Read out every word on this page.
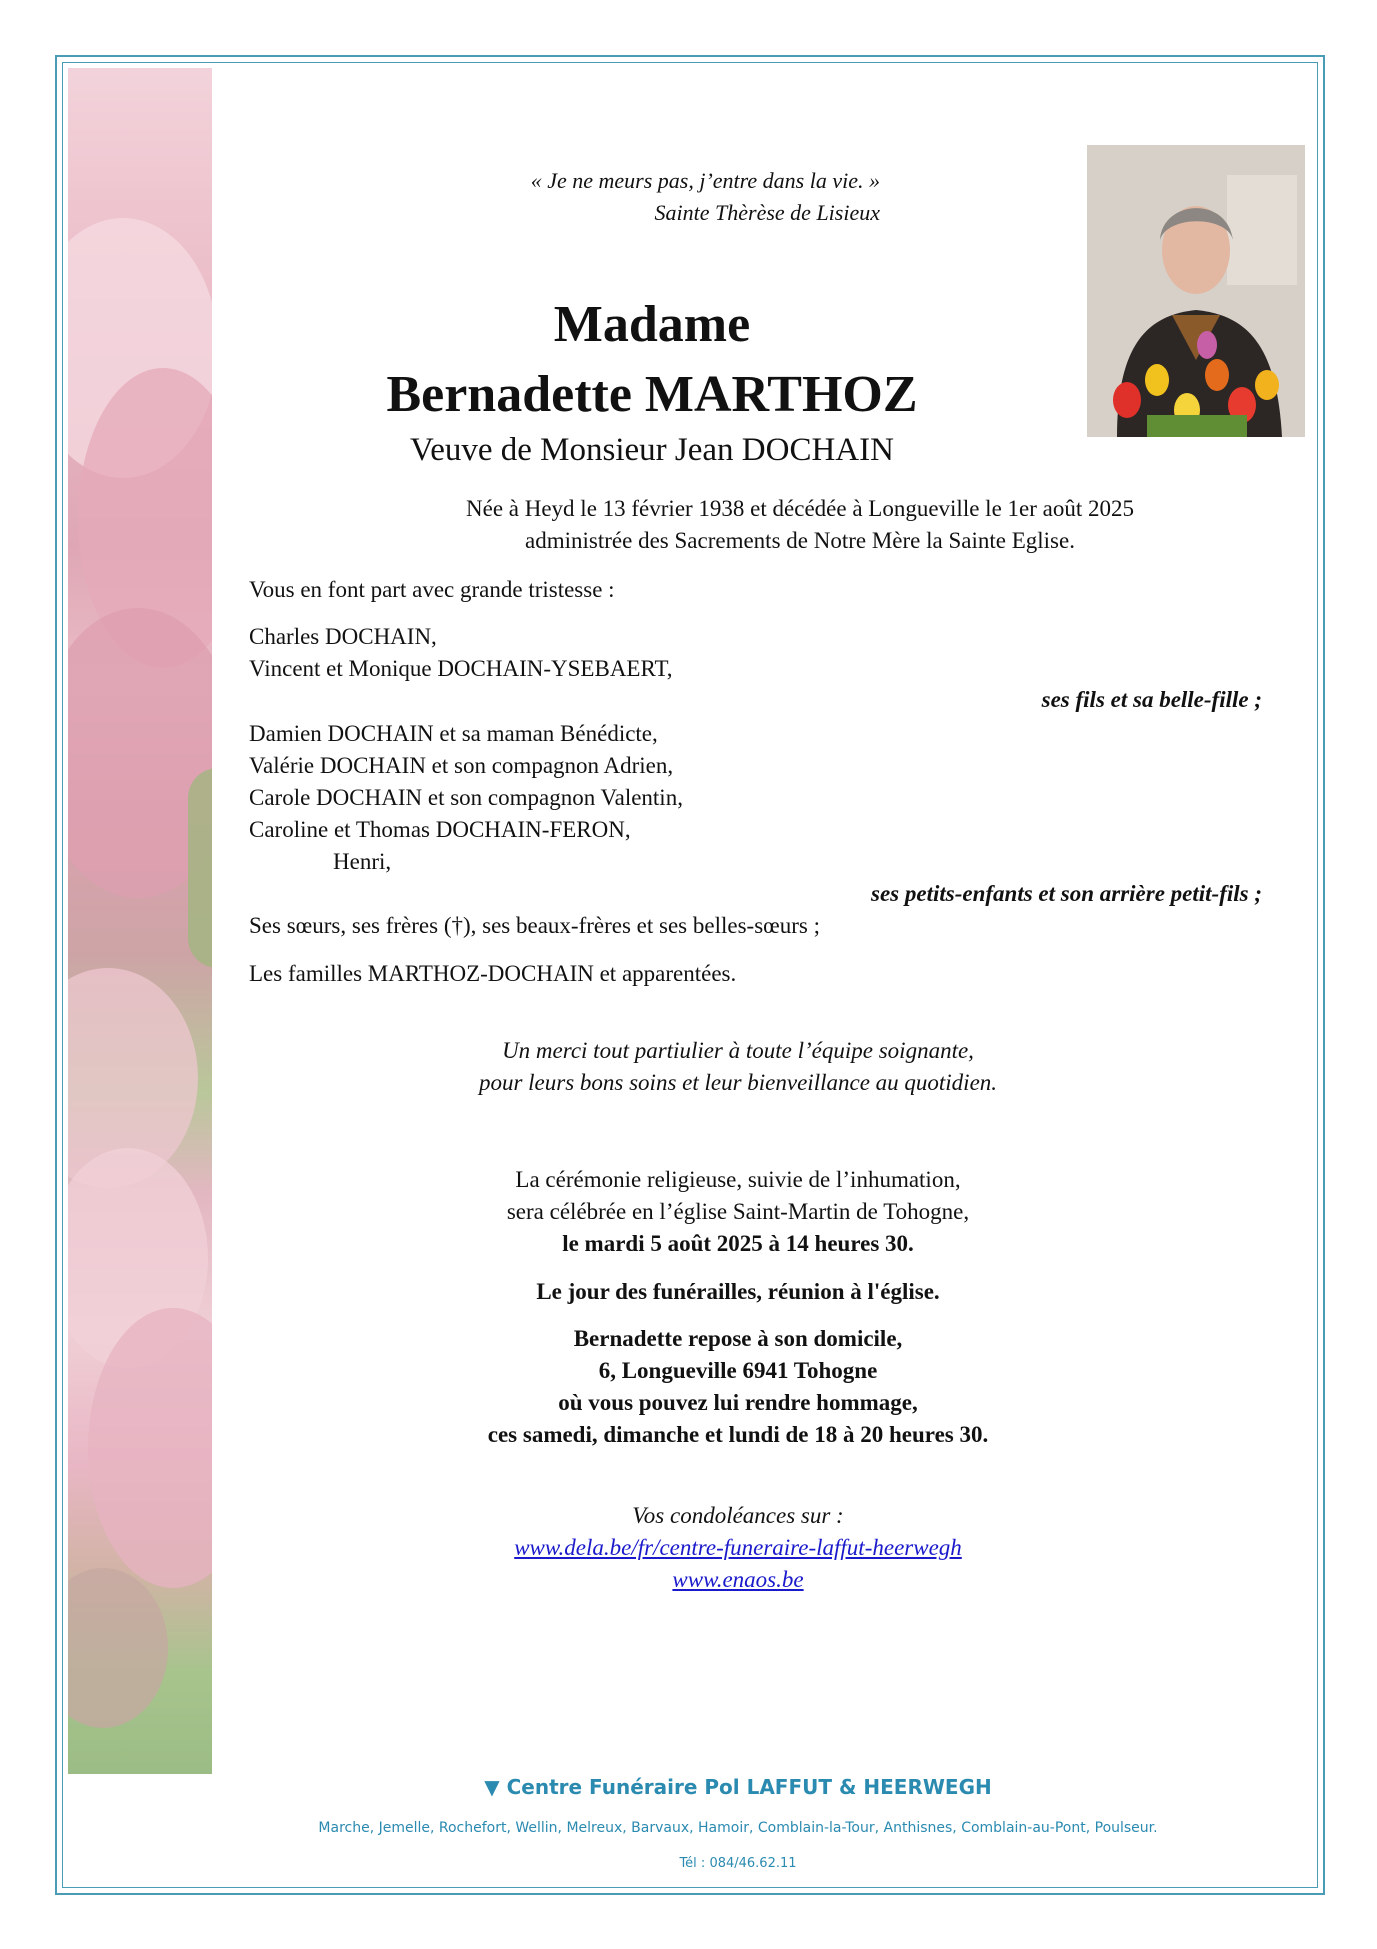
« Je ne meurs pas, j’entre dans la vie. »
Sainte Thèrèse de Lisieux
Madame
Bernadette MARTHOZ
Veuve de Monsieur Jean DOCHAIN
Née à Heyd le 13 février 1938 et décédée à Longueville le 1er août 2025
administrée des Sacrements de Notre Mère la Sainte Eglise.
Vous en font part avec grande tristesse :
Charles DOCHAIN,
Vincent et Monique DOCHAIN-YSEBAERT,
ses fils et sa belle-fille ;
Damien DOCHAIN et sa maman Bénédicte,
Valérie DOCHAIN et son compagnon Adrien,
Carole DOCHAIN et son compagnon Valentin,
Caroline et Thomas DOCHAIN-FERON,
Henri,
ses petits-enfants et son arrière petit-fils ;
Ses sœurs, ses frères (†), ses beaux-frères et ses belles-sœurs ;
Les familles MARTHOZ-DOCHAIN et apparentées.
Un merci tout partiulier à toute l’équipe soignante,
pour leurs bons soins et leur bienveillance au quotidien.
La cérémonie religieuse, suivie de l’inhumation,
sera célébrée en l’église Saint-Martin de Tohogne,
le mardi 5 août 2025 à 14 heures 30.
Le jour des funérailles, réunion à l'église.
Bernadette repose à son domicile,
6, Longueville 6941 Tohogne
où vous pouvez lui rendre hommage,
ces samedi, dimanche et lundi de 18 à 20 heures 30.
Vos condoléances sur :
www.dela.be/fr/centre-funeraire-laffut-heerwegh
www.enaos.be
▼ Centre Funéraire Pol LAFFUT & HEERWEGH
Marche, Jemelle, Rochefort, Wellin, Melreux, Barvaux, Hamoir, Comblain-la-Tour, Anthisnes, Comblain-au-Pont, Poulseur.
Tél : 084/46.62.11
